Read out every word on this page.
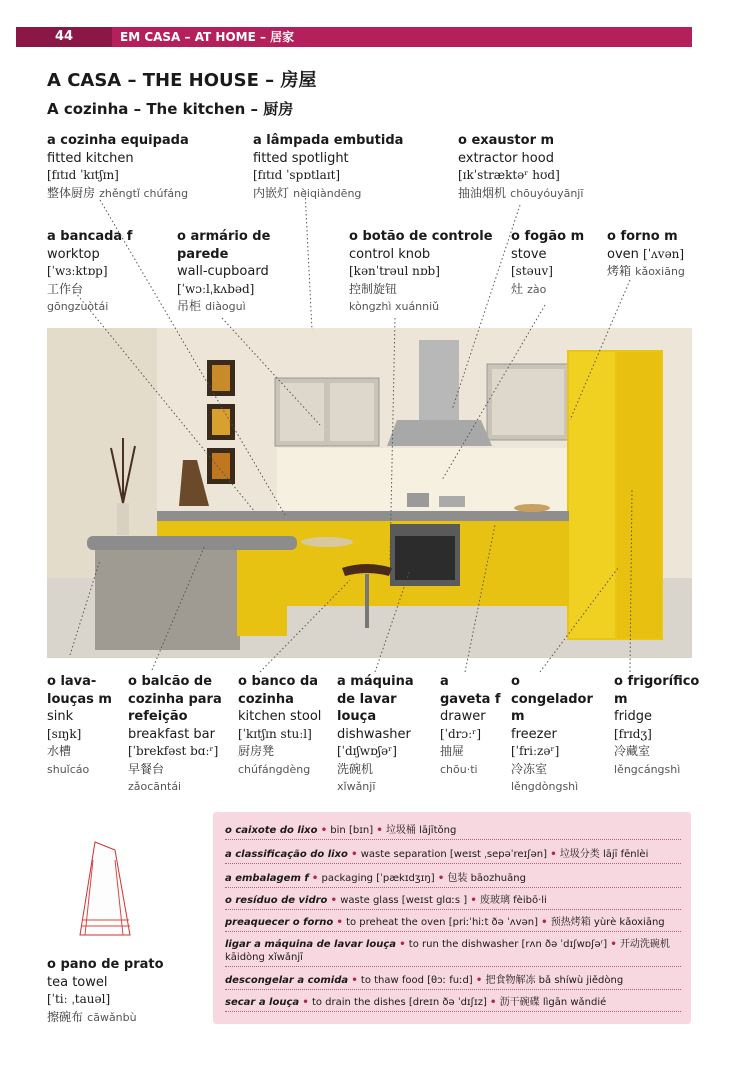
44	EM CASA – AT HOME – 居家
A CASA – THE HOUSE – 房屋
A cozinha – The kitchen – 厨房
a cozinha equipada
fitted kitchen
[fɪtɪd ˈkɪtʃɪn]
整体厨房 zhěngtǐ chúfáng
a lâmpada embutida
fitted spotlight
[fɪtɪd ˈspɒtlaɪt]
内嵌灯 nèiqiàndēng
o exaustor m
extractor hood
[ɪkˈstræktəʳ hʊd]
抽油烟机 chōuyóuyānjī
a bancada f
worktop
[ˈwɜːktɒp]
工作台
gōngzuòtái
o armário de parede
wall-cupboard
[ˈwɔːlˌkʌbəd]
吊柜 diàoguì
o botão de controle
control knob
[kənˈtrəul nɒb]
控制旋钮
kòngzhì xuánniǔ
o fogão m
stove
[stəuv]
灶 zào
o forno m
oven [ˈʌvən]
烤箱 kǎoxiāng
o lava-louças m
sink
[sɪŋk]
水槽
shuǐcáo
o balcão de cozinha para refeição
breakfast bar
[ˈbrekfəst bɑːʳ]
早餐台
zǎocāntái
o banco da cozinha
kitchen stool
[ˈkɪtʃɪn stuːl]
厨房凳
chúfángdèng
a máquina de lavar louça
dishwasher
[ˈdɪʃwɒʃəʳ]
洗碗机
xǐwǎnjī
a gaveta f
drawer
[ˈdrɔːʳ]
抽屉
chōu·ti
o congelador m
freezer
[ˈfriːzəʳ]
冷冻室
lěngdòngshì
o frigorífico m
fridge
[frɪdʒ]
冷藏室
lěngcángshì
o pano de prato
tea towel
[ˈtiː ˌtauəl]
擦碗布 cāwǎnbù
o caixote do lixo • bin [bɪn] • 垃圾桶 lājītǒng
a classificação do lixo • waste separation [weɪst ˌsepəˈreɪʃən] • 垃圾分类 lājī fēnlèi
a embalagem f • packaging [ˈpækɪdʒɪŋ] • 包装 bāozhuāng
o resíduo de vidro • waste glass [weɪst glɑːs ] • 废玻璃 fèibō·li
preaquecer o forno • to preheat the oven [priːˈhiːt ðə ˈʌvən] • 预热烤箱 yùrè kǎoxiāng
ligar a máquina de lavar louça • to run the dishwasher [rʌn ðə ˈdɪʃwɒʃəʳ] • 开动洗碗机 kāidòng xǐwǎnjī
descongelar a comida • to thaw food [θɔː fuːd] • 把食物解冻 bǎ shíwù jiědòng
secar a louça • to drain the dishes [dreɪn ðə ˈdɪʃɪz] • 沥干碗碟 lìgān wǎndié
